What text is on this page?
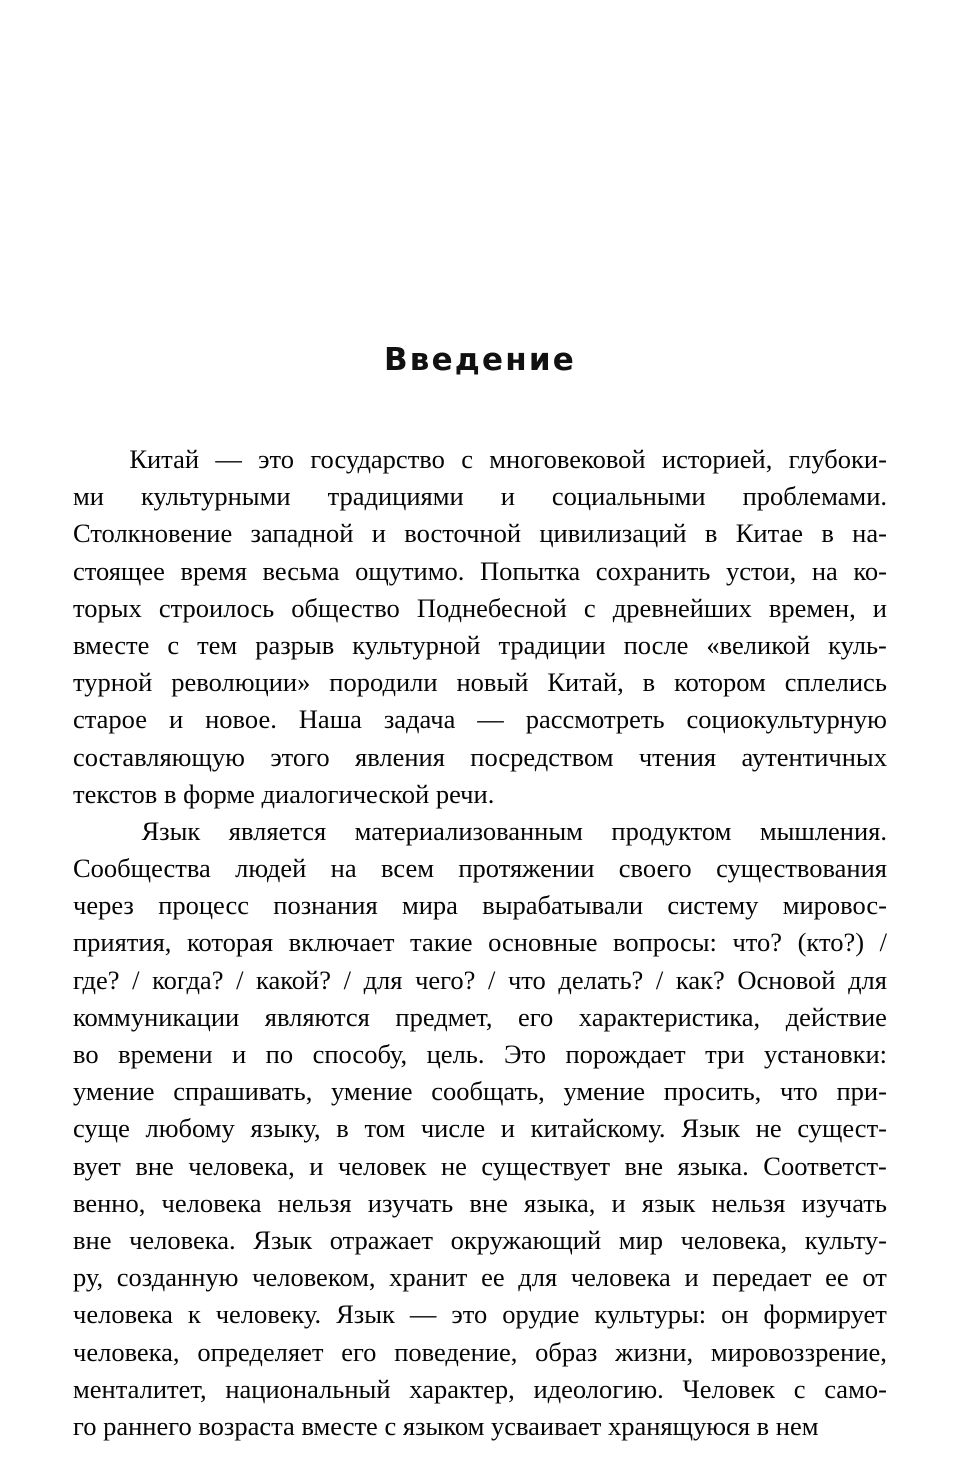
Введение
Китай — это государство с многовековой историей, глубоки-
ми культурными традициями и социальными проблемами.
Столкновение западной и восточной цивилизаций в Китае в на-
стоящее время весьма ощутимо. Попытка сохранить устои, на ко-
торых строилось общество Поднебесной с древнейших времен, и
вместе с тем разрыв культурной традиции после «великой куль-
турной революции» породили новый Китай, в котором сплелись
старое и новое. Наша задача — рассмотреть социокультурную
составляющую этого явления посредством чтения аутентичных
текстов в форме диалогической речи.
Язык является материализованным продуктом мышления.
Сообщества людей на всем протяжении своего существования
через процесс познания мира вырабатывали систему мировос-
приятия, которая включает такие основные вопросы: что? (кто?) /
где? / когда? / какой? / для чего? / что делать? / как? Основой для
коммуникации являются предмет, его характеристика, действие
во времени и по способу, цель. Это порождает три установки:
умение спрашивать, умение сообщать, умение просить, что при-
суще любому языку, в том числе и китайскому. Язык не сущест-
вует вне человека, и человек не существует вне языка. Соответст-
венно, человека нельзя изучать вне языка, и язык нельзя изучать
вне человека. Язык отражает окружающий мир человека, культу-
ру, созданную человеком, хранит ее для человека и передает ее от
человека к человеку. Язык — это орудие культуры: он формирует
человека, определяет его поведение, образ жизни, мировоззрение,
менталитет, национальный характер, идеологию. Человек с само-
го раннего возраста вместе с языком усваивает хранящуюся в нем
